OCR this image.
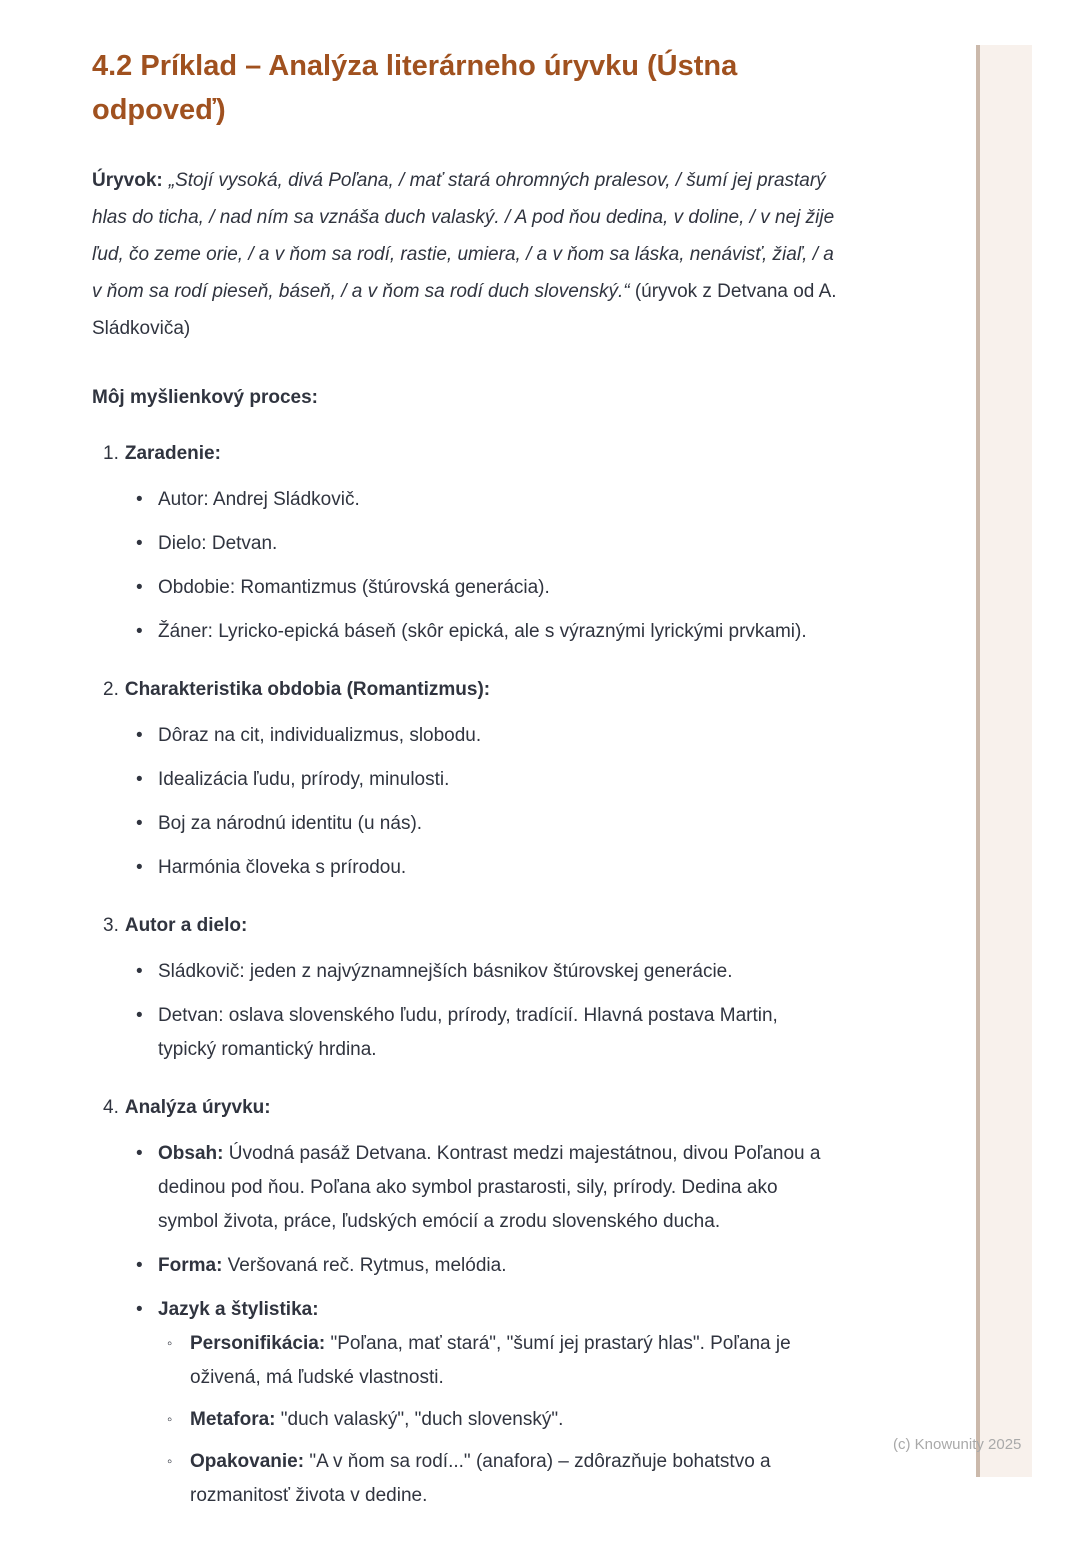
4.2 Príklad – Analýza literárneho úryvku (Ústna odpoveď)

Úryvok: „Stojí vysoká, divá Poľana, / mať stará ohromných pralesov, / šumí jej prastarý hlas do ticha, / nad ním sa vznáša duch valaský. / A pod ňou dedina, v doline, / v nej žije ľud, čo zeme orie, / a v ňom sa rodí, rastie, umiera, / a v ňom sa láska, nenávisť, žiaľ, / a v ňom sa rodí pieseň, báseň, / a v ňom sa rodí duch slovenský.“ (úryvok z Detvana od A. Sládkoviča)

Môj myšlienkový proces:

1. Zaradenie:
• Autor: Andrej Sládkovič.
• Dielo: Detvan.
• Obdobie: Romantizmus (štúrovská generácia).
• Žáner: Lyricko-epická báseň (skôr epická, ale s výraznými lyrickými prvkami).
2. Charakteristika obdobia (Romantizmus):
• Dôraz na cit, individualizmus, slobodu.
• Idealizácia ľudu, prírody, minulosti.
• Boj za národnú identitu (u nás).
• Harmónia človeka s prírodou.
3. Autor a dielo:
• Sládkovič: jeden z najvýznamnejších básnikov štúrovskej generácie.
• Detvan: oslava slovenského ľudu, prírody, tradícií. Hlavná postava Martin, typický romantický hrdina.
4. Analýza úryvku:
• Obsah: Úvodná pasáž Detvana. Kontrast medzi majestátnou, divou Poľanou a dedinou pod ňou. Poľana ako symbol prastarosti, sily, prírody. Dedina ako symbol života, práce, ľudských emócií a zrodu slovenského ducha.
• Forma: Veršovaná reč. Rytmus, melódia.
• Jazyk a štylistika:
◦ Personifikácia: "Poľana, mať stará", "šumí jej prastarý hlas". Poľana je oživená, má ľudské vlastnosti.
◦ Metafora: "duch valaský", "duch slovenský".
◦ Opakovanie: "A v ňom sa rodí..." (anafora) – zdôrazňuje bohatstvo a rozmanitosť života v dedine.
(c) Knowunity 2025
